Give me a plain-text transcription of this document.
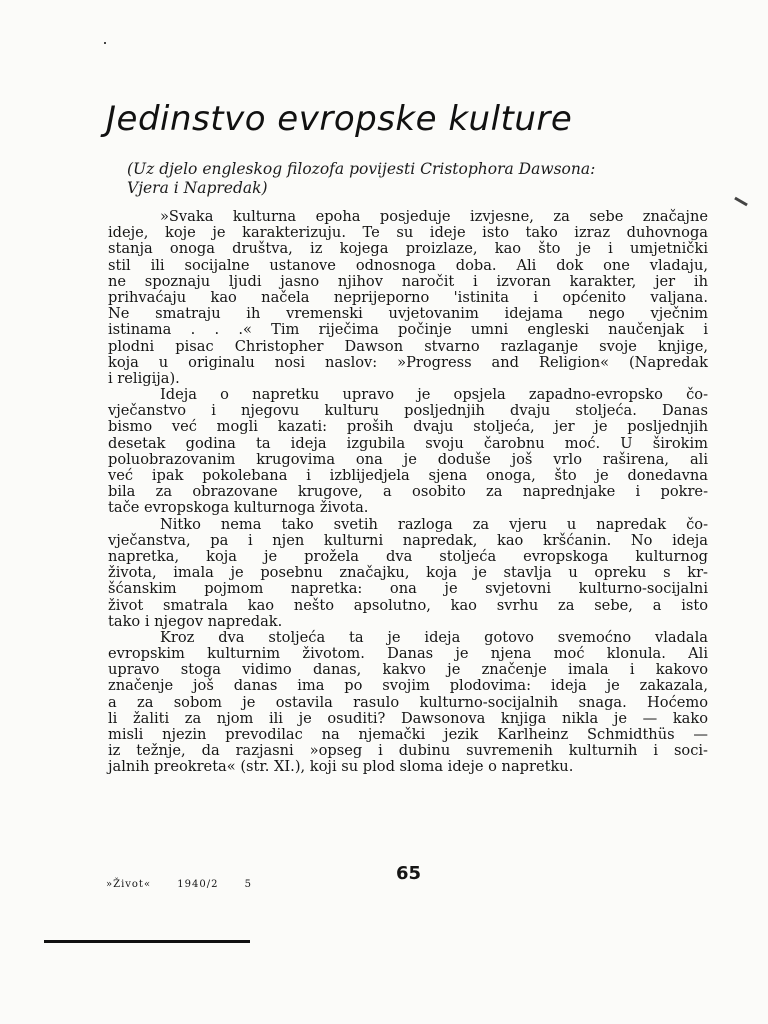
Jedinstvo evropske kulture
(Uz djelo engleskog filozofa povijesti Cristophora Dawsona:
Vjera i Napredak)
»Svaka kulturna epoha posjeduje izvjesne, za sebe značajne
ideje, koje je karakterizuju. Te su ideje isto tako izraz duhovnoga
stanja onoga društva, iz kojega proizlaze, kao što je i umjetnički
stil ili socijalne ustanove odnosnoga doba. Ali dok one vladaju,
ne spoznaju ljudi jasno njihov naročit i izvoran karakter, jer ih
prihvaćaju kao načela neprijeporno 'istinita i općenito valjana.
Ne smatraju ih vremenski uvjetovanim idejama nego vječnim
istinama . . .« Tim riječima počinje umni engleski naučenjak i
plodni pisac Christopher Dawson stvarno razlaganje svoje knjige,
koja u originalu nosi naslov: »Progress and Religion« (Napredak
i religija).
Ideja o napretku upravo je opsjela zapadno-evropsko čo-
vječanstvo i njegovu kulturu posljednjih dvaju stoljeća. Danas
bismo već mogli kazati: proših dvaju stoljeća, jer je posljednjih
desetak godina ta ideja izgubila svoju čarobnu moć. U širokim
poluobrazovanim krugovima ona je doduše još vrlo raširena, ali
već ipak pokolebana i izblijedjela sjena onoga, što je donedavna
bila za obrazovane krugove, a osobito za naprednjake i pokre-
tače evropskoga kulturnoga života.
Nitko nema tako svetih razloga za vjeru u napredak čo-
vječanstva, pa i njen kulturni napredak, kao kršćanin. No ideja
napretka, koja je prožela dva stoljeća evropskoga kulturnog
života, imala je posebnu značajku, koja je stavlja u opreku s kr-
šćanskim pojmom napretka: ona je svjetovni kulturno-socijalni
život smatrala kao nešto apsolutno, kao svrhu za sebe, a isto
tako i njegov napredak.
Kroz dva stoljeća ta je ideja gotovo svemoćno vladala
evropskim kulturnim životom. Danas je njena moć klonula. Ali
upravo stoga vidimo danas, kakvo je značenje imala i kakovo
značenje još danas ima po svojim plodovima: ideja je zakazala,
a za sobom je ostavila rasulo kulturno-socijalnih snaga. Hoćemo
li žaliti za njom ili je osuditi? Dawsonova knjiga nikla je — kako
misli njezin prevodilac na njemački jezik Karlheinz Schmidthüs —
iz težnje, da razjasni »opseg i dubinu suvremenih kulturnih i soci-
jalnih preokreta« (str. XI.), koji su plod sloma ideje o napretku.
65
»Život«	1940/2	5
